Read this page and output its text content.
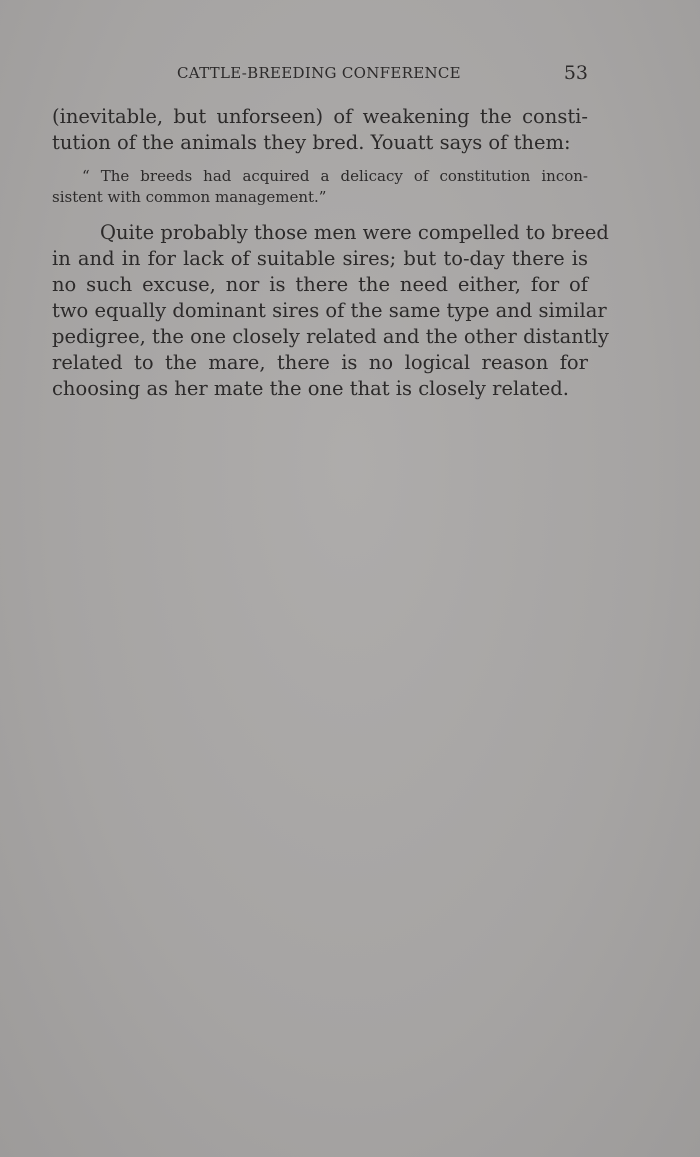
CATTLE-BREEDING CONFERENCE	53
(inevitable, but unforseen) of weakening the consti-
tution of the animals they bred. Youatt says of them:
“ The breeds had acquired a delicacy of constitution incon-
sistent with common management.”
Quite probably those men were compelled to breed
in and in for lack of suitable sires; but to-day there is
no such excuse, nor is there the need either, for of
two equally dominant sires of the same type and similar
pedigree, the one closely related and the other distantly
related to the mare, there is no logical reason for
choosing as her mate the one that is closely related.
